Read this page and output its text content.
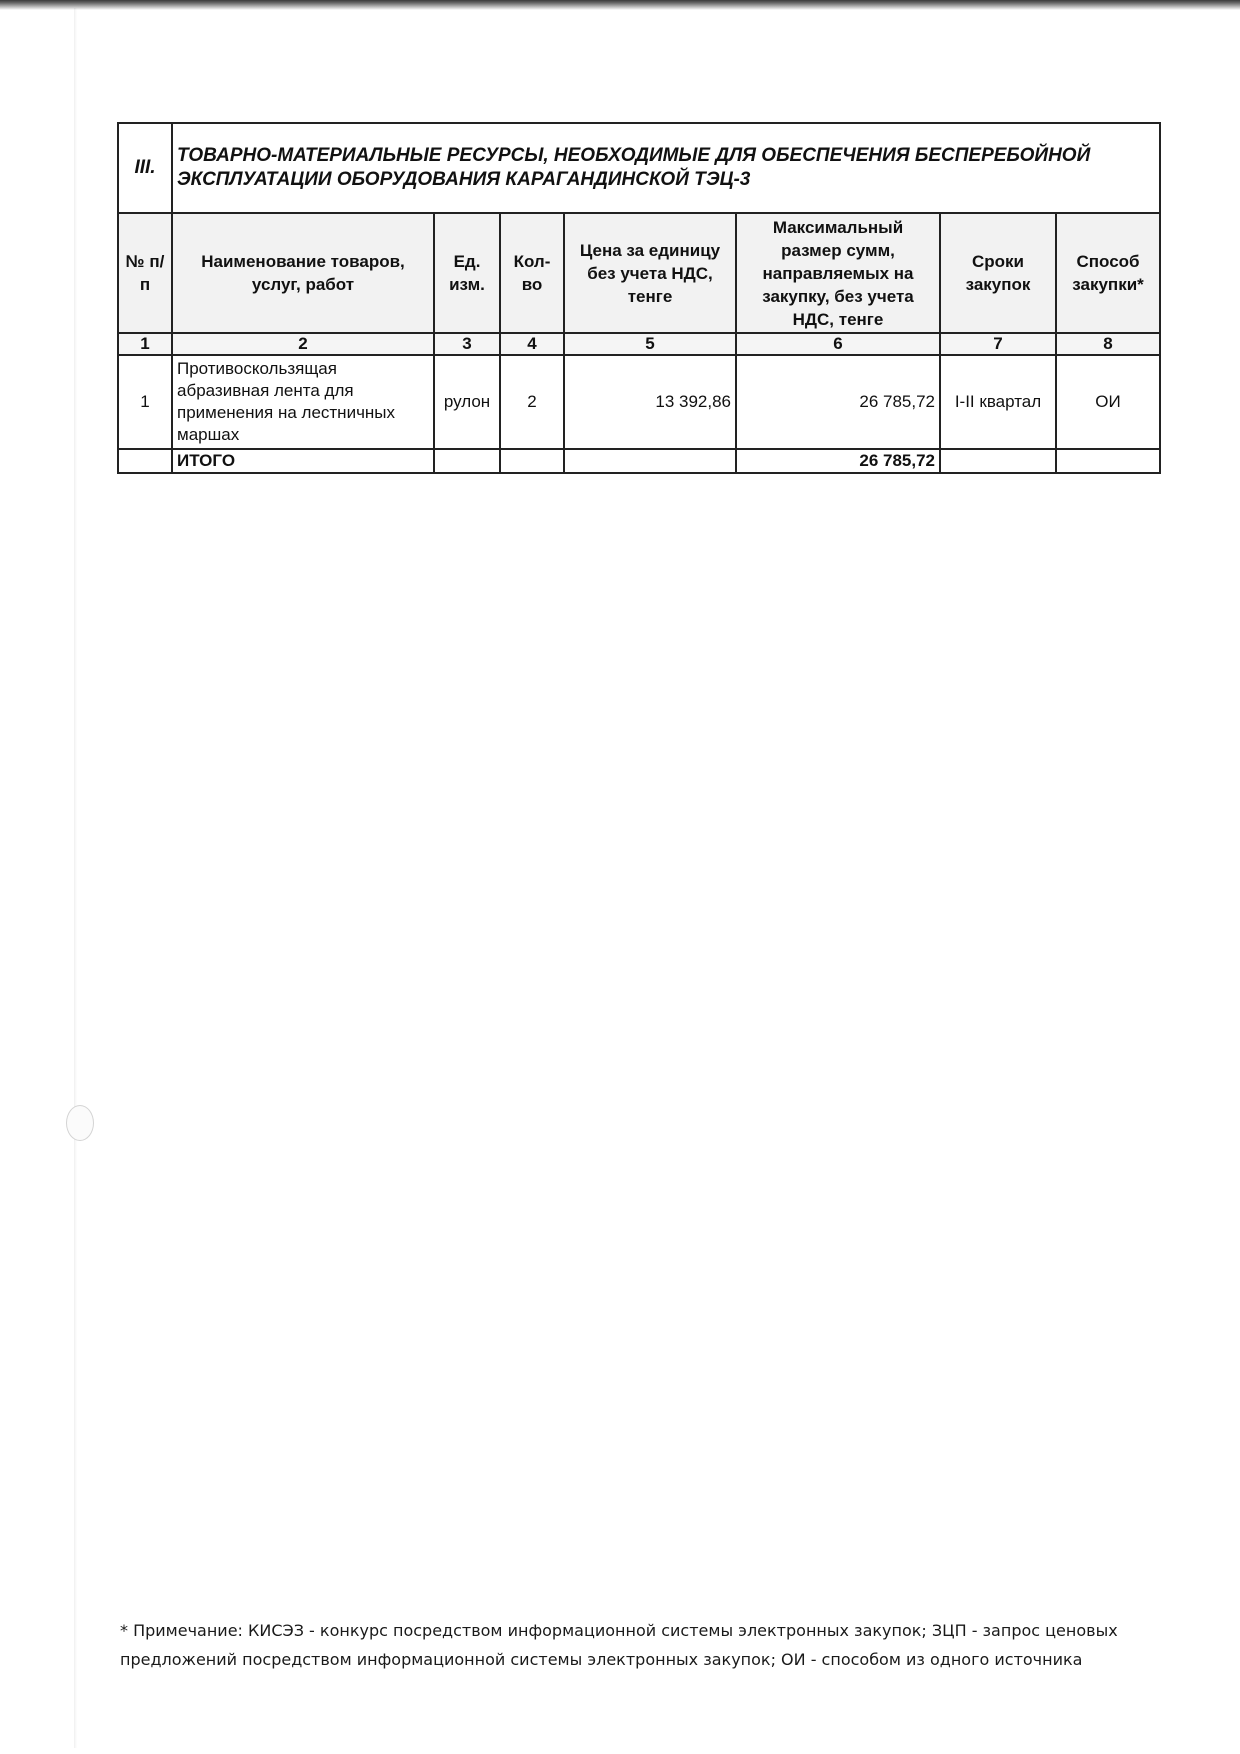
III.	ТОВАРНО-МАТЕРИАЛЬНЫЕ РЕСУРСЫ, НЕОБХОДИМЫЕ ДЛЯ ОБЕСПЕЧЕНИЯ БЕСПЕРЕБОЙНОЙ ЭКСПЛУАТАЦИИ ОБОРУДОВАНИЯ КАРАГАНДИНСКОЙ ТЭЦ-3						
№ п/п	Наименование товаров, услуг, работ	Ед. изм.	Кол-во	Цена за единицу без учета НДС, тенге	Максимальный размер сумм, направляемых на закупку, без учета НДС, тенге	Сроки закупок	Способ закупки*
1	2	3	4	5	6	7	8
1	Противоскользящая абразивная лента для применения на лестничных маршах	рулон	2	13 392,86	26 785,72	I-II квартал	ОИ
	ИТОГО				26 785,72		
* Примечание: КИСЭЗ - конкурс посредством информационной системы электронных закупок; ЗЦП - запрос ценовых предложений посредством информационной системы электронных закупок; ОИ - способом из одного источника
